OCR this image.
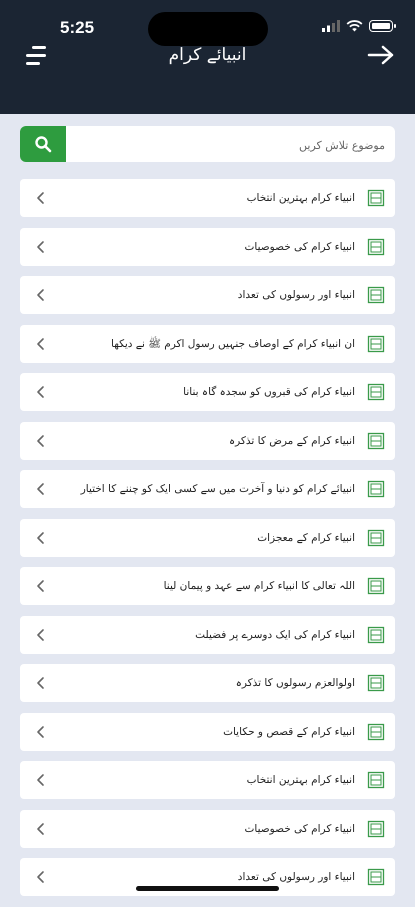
5:25
انبیائے کرام
موضوع تلاش کریں
انبیاء کرام بہترین انتخاب
انبیاء کرام کی خصوصیات
انبیاء اور رسولوں کی تعداد
ان انبیاء کرام کے اوصاف جنہیں رسول اکرم ﷺ نے دیکھا
انبیاء کرام کی قبروں کو سجدہ گاہ بنانا
انبیاء کرام کے مرض کا تذکرہ
انبیائے کرام کو دنیا و آخرت میں سے کسی ایک کو چننے کا اختیار
انبیاء کرام کے معجزات
اللہ تعالی کا انبیاء کرام سے عہد و پیمان لینا
انبیاء کرام کی ایک دوسرے پر فضیلت
اولوالعزم رسولوں کا تذکرہ
انبیاء کرام کے قصص و حکایات
انبیاء کرام بہترین انتخاب
انبیاء کرام کی خصوصیات
انبیاء اور رسولوں کی تعداد
